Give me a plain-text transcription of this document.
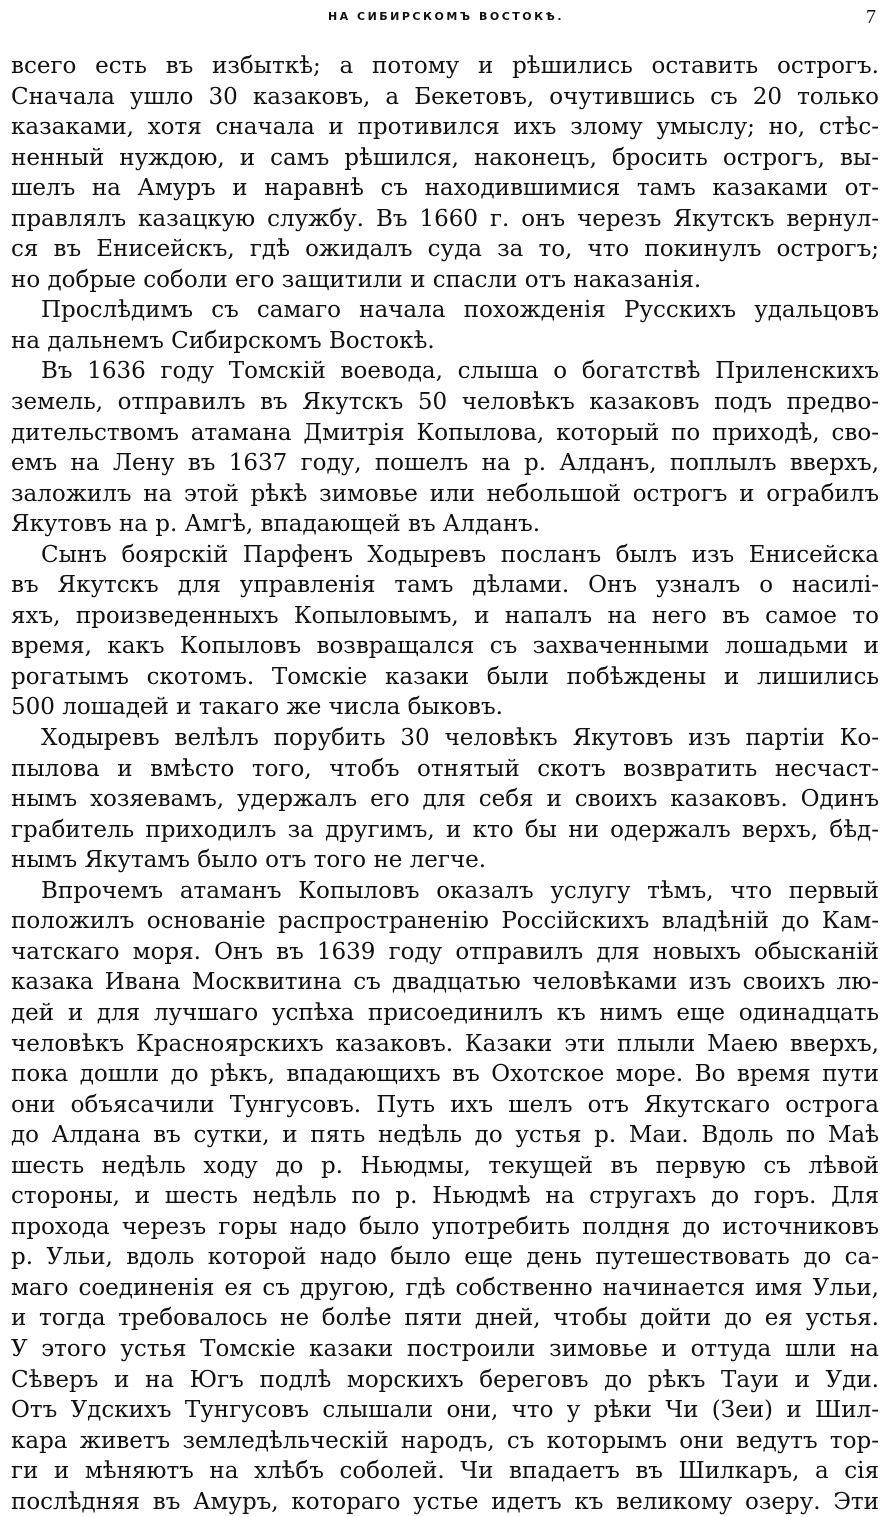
НА СИБИРСКОМЪ ВОСТОКѢ.	7
всего есть въ избыткѣ; а потому и рѣшились оставить острогъ.
Сначала ушло 30 казаковъ, а Бекетовъ, очутившись съ 20 только
казаками, хотя сначала и противился ихъ злому умыслу; но, стѣс-
ненный нуждою, и самъ рѣшился, наконецъ, бросить острогъ, вы-
шелъ на Амуръ и наравнѣ съ находившимися тамъ казаками от-
правлялъ казацкую службу. Въ 1660 г. онъ черезъ Якутскъ вернул-
ся въ Енисейскъ, гдѣ ожидалъ суда за то, что покинулъ острогъ;
но добрые соболи его защитили и спасли отъ наказанія.
Прослѣдимъ съ самаго начала похожденія Русскихъ удальцовъ
на дальнемъ Сибирскомъ Востокѣ.
Въ 1636 году Томскій воевода, слыша о богатствѣ Приленскихъ
земель, отправилъ въ Якутскъ 50 человѣкъ казаковъ подъ предво-
дительствомъ атамана Дмитрія Копылова, который по приходѣ, сво-
емъ на Лену въ 1637 году, пошелъ на р. Алданъ, поплылъ вверхъ,
заложилъ на этой рѣкѣ зимовье или небольшой острогъ и ограбилъ
Якутовъ на р. Амгѣ, впадающей въ Алданъ.
Сынъ боярскій Парфенъ Ходыревъ посланъ былъ изъ Енисейска
въ Якутскъ для управленія тамъ дѣлами. Онъ узналъ о насилі-
яхъ, произведенныхъ Копыловымъ, и напалъ на него въ самое то
время, какъ Копыловъ возвращался съ захваченными лошадьми и
рогатымъ скотомъ. Томскіе казаки были побѣждены и лишились
500 лошадей и такаго же числа быковъ.
Ходыревъ велѣлъ порубить 30 человѣкъ Якутовъ изъ партіи Ко-
пылова и вмѣсто того, чтобъ отнятый скотъ возвратить несчаст-
нымъ хозяевамъ, удержалъ его для себя и своихъ казаковъ. Одинъ
грабитель приходилъ за другимъ, и кто бы ни одержалъ верхъ, бѣд-
нымъ Якутамъ было отъ того не легче.
Впрочемъ атаманъ Копыловъ оказалъ услугу тѣмъ, что первый
положилъ основаніе распространенію Россійскихъ владѣній до Кам-
чатскаго моря. Онъ въ 1639 году отправилъ для новыхъ обысканій
казака Ивана Москвитина съ двадцатью человѣками изъ своихъ лю-
дей и для лучшаго успѣха присоединилъ къ нимъ еще одинадцать
человѣкъ Красноярскихъ казаковъ. Казаки эти плыли Маею вверхъ,
пока дошли до рѣкъ, впадающихъ въ Охотское море. Во время пути
они объясачили Тунгусовъ. Путь ихъ шелъ отъ Якутскаго острога
до Алдана въ сутки, и пять недѣль до устья р. Маи. Вдоль по Маѣ
шесть недѣль ходу до р. Ньюдмы, текущей въ первую съ лѣвой
стороны, и шесть недѣль по р. Ньюдмѣ на стругахъ до горъ. Для
прохода черезъ горы надо было употребить полдня до источниковъ
р. Ульи, вдоль которой надо было еще день путешествовать до са-
маго соединенія ея съ другою, гдѣ собственно начинается имя Ульи,
и тогда требовалось не болѣе пяти дней, чтобы дойти до ея устья.
У этого устья Томскіе казаки построили зимовье и оттуда шли на
Сѣверъ и на Югъ подлѣ морскихъ береговъ до рѣкъ Тауи и Уди.
Отъ Удскихъ Тунгусовъ слышали они, что у рѣки Чи (Зеи) и Шил-
кара живетъ земледѣльческій народъ, съ которымъ они ведутъ тор-
ги и мѣняютъ на хлѣбъ соболей. Чи впадаетъ въ Шилкаръ, а сія
послѣдняя въ Амуръ, котораго устье идетъ къ великому озеру. Эти
